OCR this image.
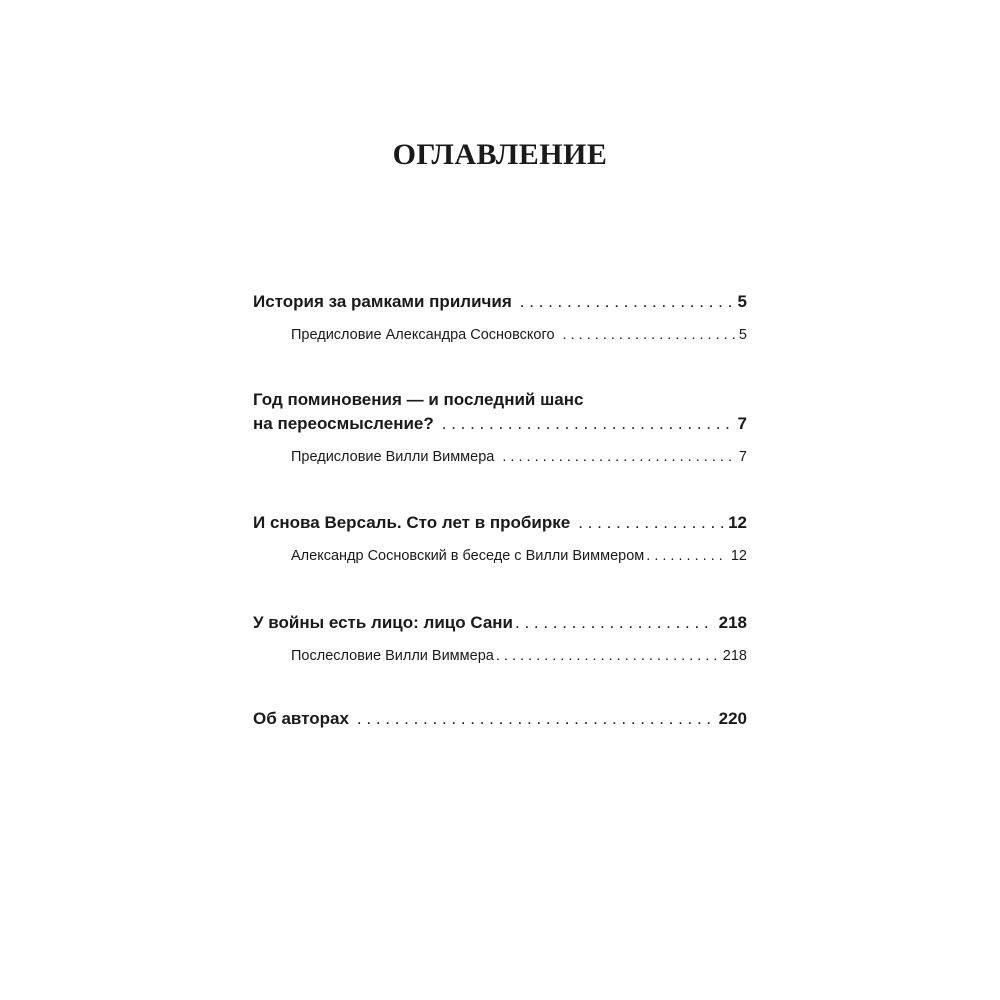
ОГЛАВЛЕНИЕ
История за рамками приличия . . .	5
Предисловие Александра Сосновского . . .	5
Год поминовения — и последний шанс
на переосмысление? . . .	7
Предисловие Вилли Виммера . . .	7
И снова Версаль. Сто лет в пробирке . . .	12
Александр Сосновский в беседе с Вилли Виммером . . .	12
У войны есть лицо: лицо Сани . . .	218
Послесловие Вилли Виммера . . .	218
Об авторах . . .	220
